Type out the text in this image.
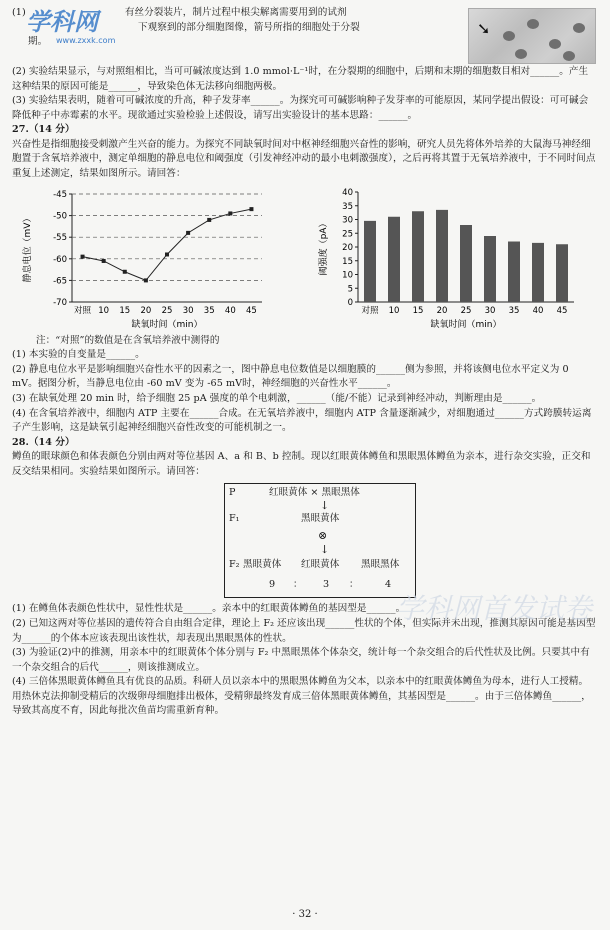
学科网
www.zxxk.com
(1)	有丝分裂装片，制片过程中根尖解离需要用到的试剂
下观察到的部分细胞图像，箭号所指的细胞处于分裂
期。
➘
(2) 实验结果显示，与对照组相比，当可可碱浓度达到 1.0 mmol·L⁻¹时，在分裂期的细胞中，后期和末期的细胞数目相对______。产生这种结果的原因可能是______，导致染色体无法移向细胞两极。
(3) 实验结果表明，随着可可碱浓度的升高，种子发芽率______。为探究可可碱影响种子发芽率的可能原因，某同学提出假设：可可碱会降低种子中赤霉素的水平。现欲通过实验检验上述假设，请写出实验设计的基本思路：______。
27.（14 分）
兴奋性是指细胞接受刺激产生兴奋的能力。为探究不同缺氧时间对中枢神经细胞兴奋性的影响，研究人员先将体外培养的大鼠海马神经细胞置于含氧培养液中，测定单细胞的静息电位和阈强度（引发神经冲动的最小电刺激强度），之后再将其置于无氧培养液中，于不同时间点重复上述测定，结果如图所示。请回答：
-45
-50
-55
-60
-65
-70
对照 10 15 20 25 30 35 40 45
缺氧时间（min）
静息电位（mV）
0
5
10
15
20
25
30
35
40
对照 10 15 20 25 30 35 40 45
缺氧时间（min）
阈强度（pA）
注：“对照”的数值是在含氧培养液中测得的
(1) 本实验的自变量是______。
(2) 静息电位水平是影响细胞兴奋性水平的因素之一，图中静息电位数值是以细胞膜的______侧为参照，并将该侧电位水平定义为 0 mV。据图分析，当静息电位由 -60 mV 变为 -65 mV时，神经细胞的兴奋性水平______。
(3) 在缺氧处理 20 min 时，给予细胞 25 pA 强度的单个电刺激，______（能/不能）记录到神经冲动，判断理由是______。
(4) 在含氧培养液中，细胞内 ATP 主要在______合成。在无氧培养液中，细胞内 ATP 含量逐渐减少，对细胞通过______方式跨膜转运离子产生影响，这是缺氧引起神经细胞兴奋性改变的可能机制之一。
28.（14 分）
鳟鱼的眼球颜色和体表颜色分别由两对等位基因 A、a 和 B、b 控制。现以红眼黄体鳟鱼和黑眼黑体鳟鱼为亲本，进行杂交实验，正交和反交结果相同。实验结果如图所示。请回答：
P	红眼黄体 × 黑眼黑体
↓
F₁	黑眼黄体
⊗
↓
F₂ 黑眼黄体 红眼黄体 黑眼黑体
9 ： 3 ：	4
(1) 在鳟鱼体表颜色性状中，显性性状是______。亲本中的红眼黄体鳟鱼的基因型是______。
(2) 已知这两对等位基因的遗传符合自由组合定律，理论上 F₂ 还应该出现______性状的个体，但实际并未出现，推测其原因可能是基因型为______的个体本应该表现出该性状，却表现出黑眼黑体的性状。
(3) 为验证(2)中的推测，用亲本中的红眼黄体个体分别与 F₂ 中黑眼黑体个体杂交，统计每一个杂交组合的后代性状及比例。只要其中有一个杂交组合的后代______，则该推测成立。
(4) 三倍体黑眼黄体鳟鱼具有优良的品质。科研人员以亲本中的黑眼黑体鳟鱼为父本，以亲本中的红眼黄体鳟鱼为母本，进行人工授精。用热休克法抑制受精后的次级卵母细胞排出极体，受精卵最终发育成三倍体黑眼黄体鳟鱼，其基因型是______。由于三倍体鳟鱼______，导致其高度不育，因此每批次鱼苗均需重新育种。
学科网首发试卷
· 32 ·
